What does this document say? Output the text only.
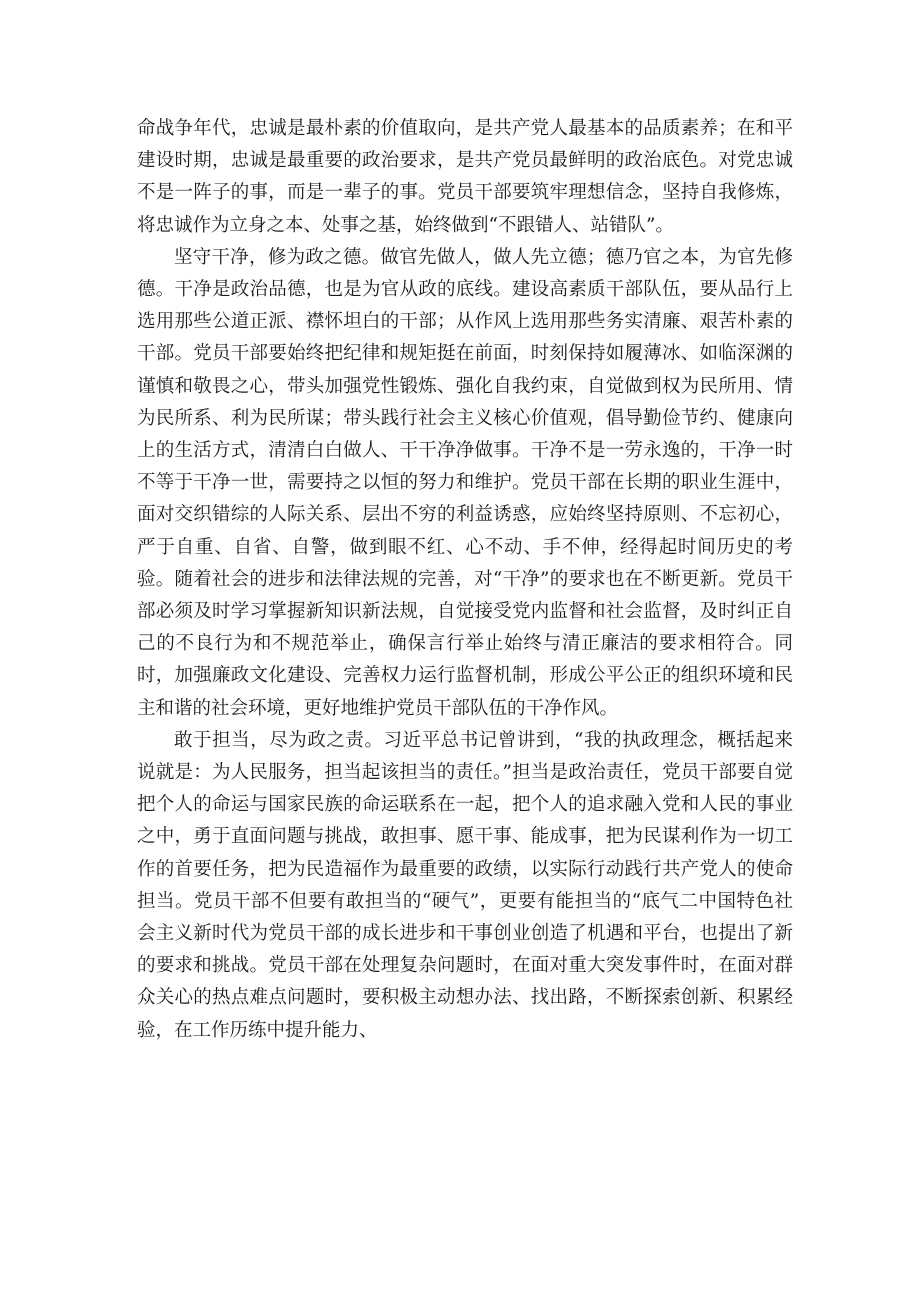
命战争年代，忠诚是最朴素的价值取向，是共产党人最基本的品质素养；在和平建设时期，忠诚是最重要的政治要求，是共产党员最鲜明的政治底色。对党忠诚不是一阵子的事，而是一辈子的事。党员干部要筑牢理想信念，坚持自我修炼，将忠诚作为立身之本、处事之基，始终做到“不跟错人、站错队”。

坚守干净，修为政之德。做官先做人，做人先立德；德乃官之本，为官先修德。干净是政治品德，也是为官从政的底线。建设高素质干部队伍，要从品行上选用那些公道正派、襟怀坦白的干部；从作风上选用那些务实清廉、艰苦朴素的干部。党员干部要始终把纪律和规矩挺在前面，时刻保持如履薄冰、如临深渊的谨慎和敬畏之心，带头加强党性锻炼、强化自我约束，自觉做到权为民所用、情为民所系、利为民所谋；带头践行社会主义核心价值观，倡导勤俭节约、健康向上的生活方式，清清白白做人、干干净净做事。干净不是一劳永逸的，干净一时不等于干净一世，需要持之以恒的努力和维护。党员干部在长期的职业生涯中，面对交织错综的人际关系、层出不穷的利益诱惑，应始终坚持原则、不忘初心，严于自重、自省、自警，做到眼不红、心不动、手不伸，经得起时间历史的考验。随着社会的进步和法律法规的完善，对“干净”的要求也在不断更新。党员干部必须及时学习掌握新知识新法规，自觉接受党内监督和社会监督，及时纠正自己的不良行为和不规范举止，确保言行举止始终与清正廉洁的要求相符合。同时，加强廉政文化建设、完善权力运行监督机制，形成公平公正的组织环境和民主和谐的社会环境，更好地维护党员干部队伍的干净作风。

敢于担当，尽为政之责。习近平总书记曾讲到，“我的执政理念，概括起来说就是：为人民服务，担当起该担当的责任。”担当是政治责任，党员干部要自觉把个人的命运与国家民族的命运联系在一起，把个人的追求融入党和人民的事业之中，勇于直面问题与挑战，敢担事、愿干事、能成事，把为民谋利作为一切工作的首要任务，把为民造福作为最重要的政绩，以实际行动践行共产党人的使命担当。党员干部不但要有敢担当的“硬气”，更要有能担当的“底气二中国特色社会主义新时代为党员干部的成长进步和干事创业创造了机遇和平台，也提出了新的要求和挑战。党员干部在处理复杂问题时，在面对重大突发事件时，在面对群众关心的热点难点问题时，要积极主动想办法、找出路，不断探索创新、积累经验，在工作历练中提升能力、
